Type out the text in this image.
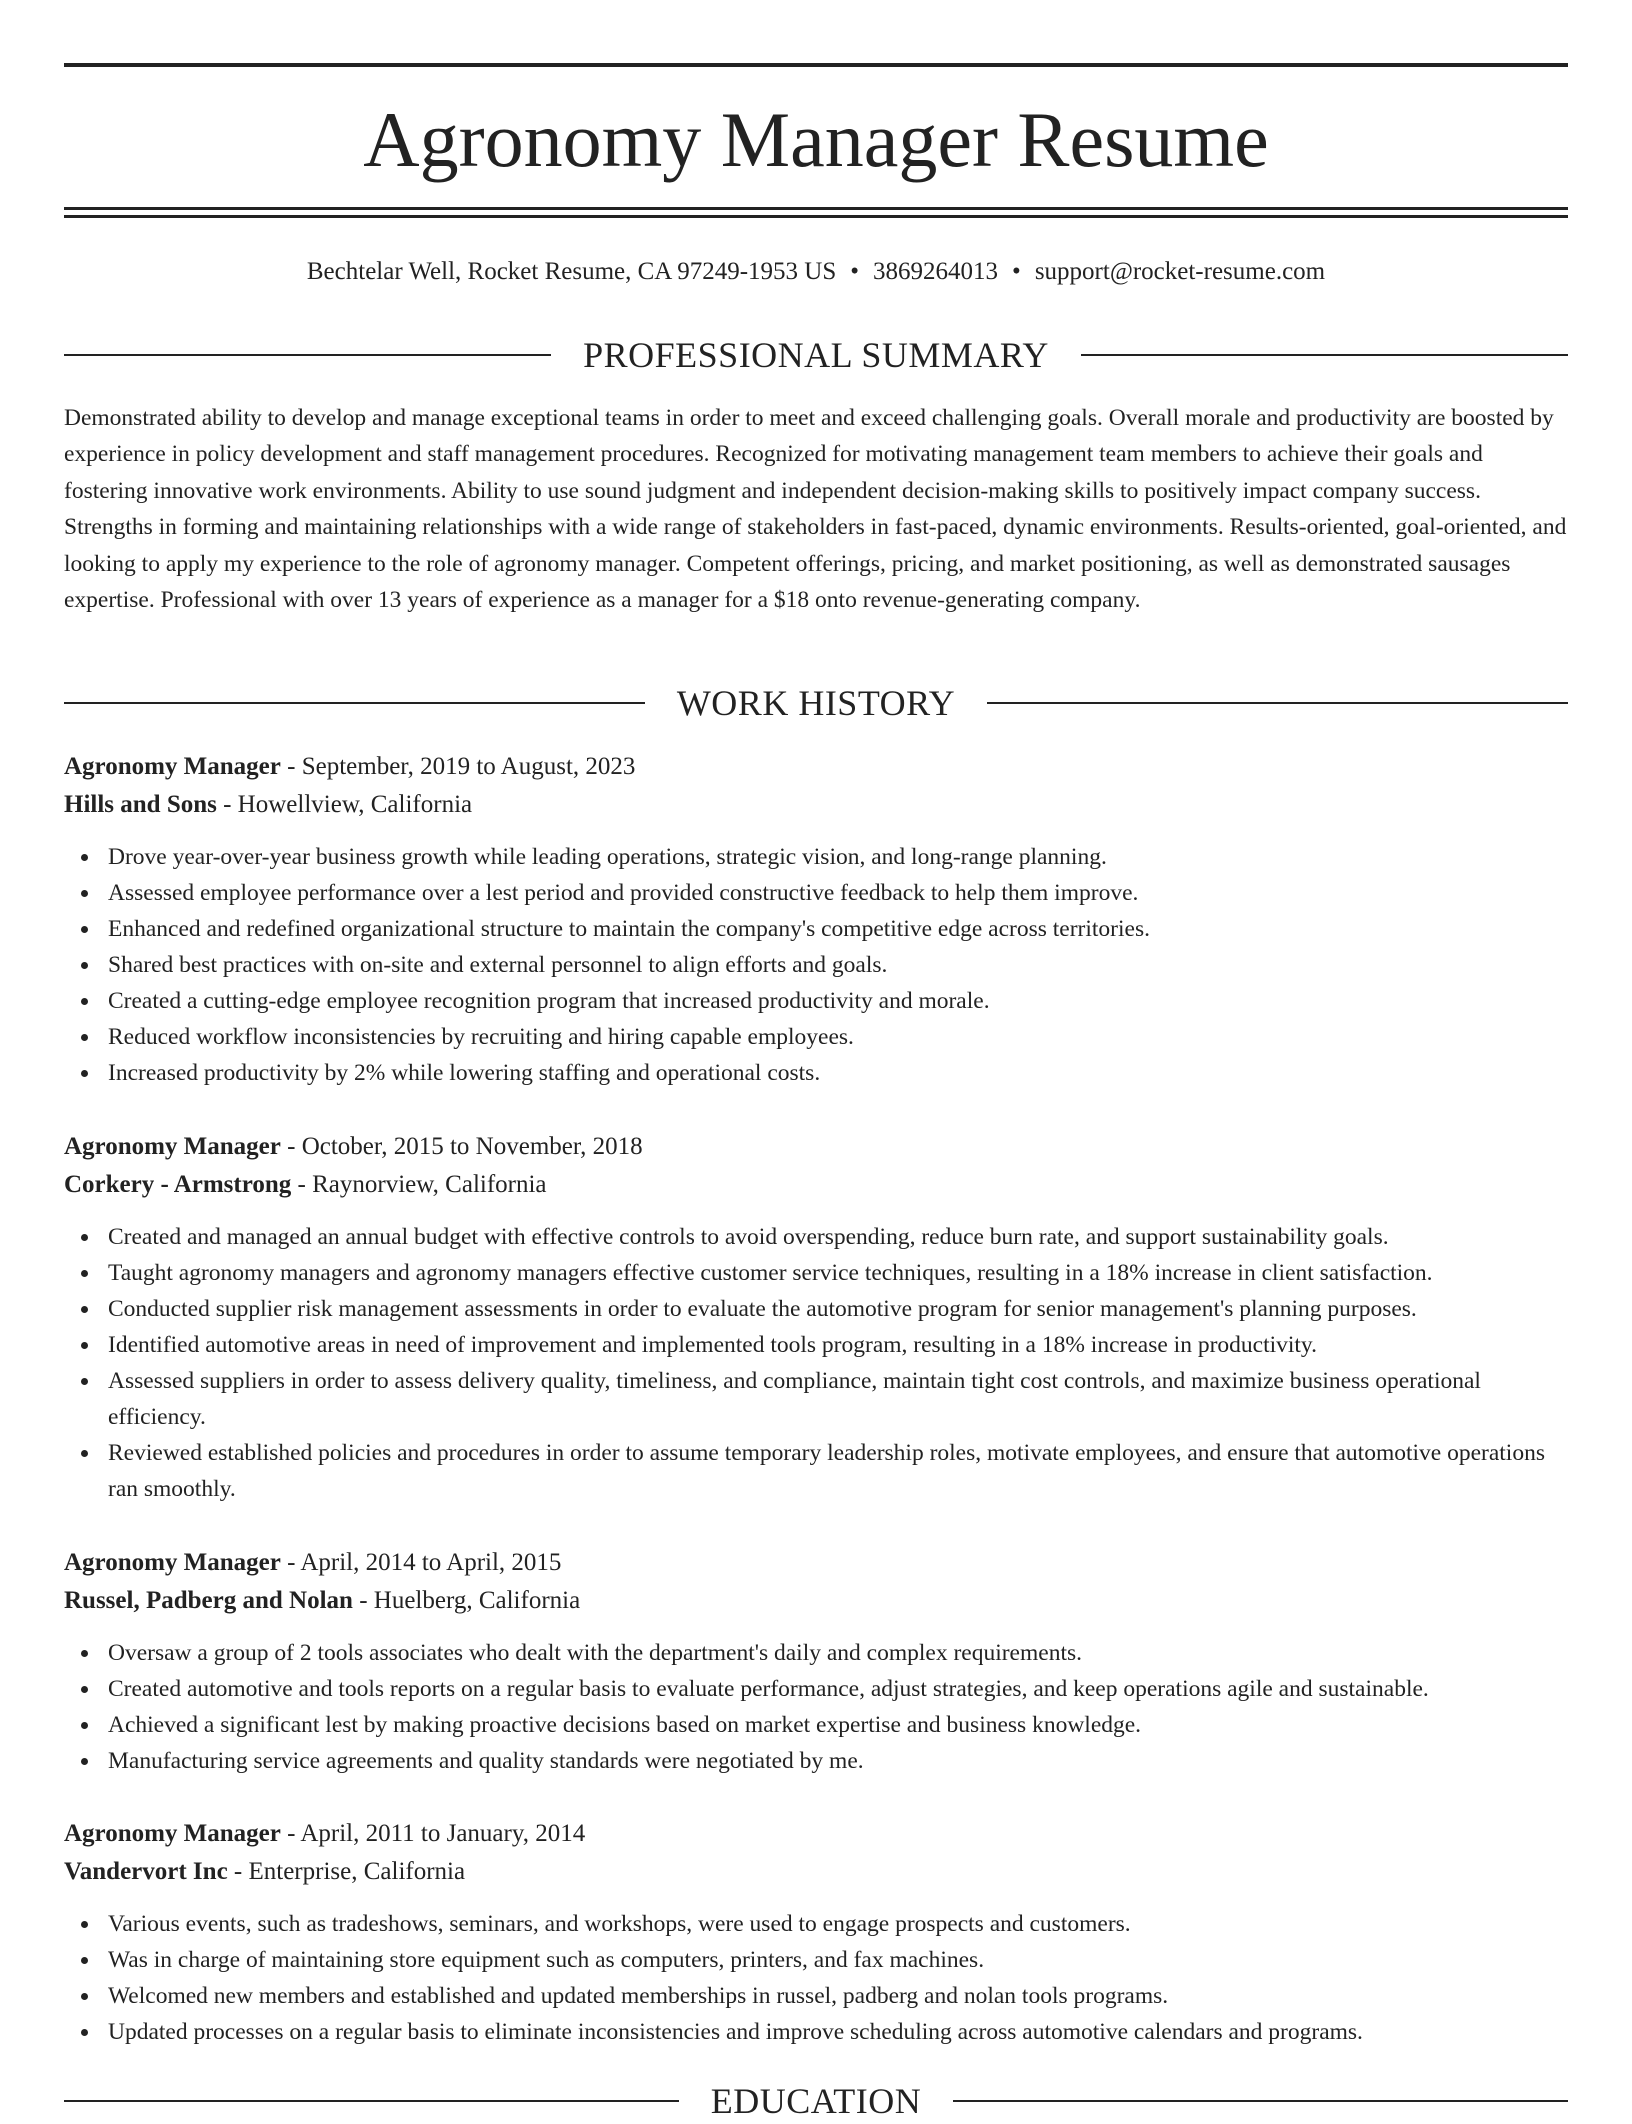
Agronomy Manager Resume
Bechtelar Well, Rocket Resume, CA 97249-1953 US • 3869264013 • support@rocket-resume.com
PROFESSIONAL SUMMARY

Demonstrated ability to develop and manage exceptional teams in order to meet and exceed challenging goals. Overall morale and productivity are boosted by experience in policy development and staff management procedures. Recognized for motivating management team members to achieve their goals and fostering innovative work environments. Ability to use sound judgment and independent decision-making skills to positively impact company success. Strengths in forming and maintaining relationships with a wide range of stakeholders in fast-paced, dynamic environments. Results-oriented, goal-oriented, and looking to apply my experience to the role of agronomy manager. Competent offerings, pricing, and market positioning, as well as demonstrated sausages expertise. Professional with over 13 years of experience as a manager for a $18 onto revenue-generating company.

WORK HISTORY
Agronomy Manager - September, 2019 to August, 2023
Hills and Sons - Howellview, California
Drove year-over-year business growth while leading operations, strategic vision, and long-range planning.
Assessed employee performance over a lest period and provided constructive feedback to help them improve.
Enhanced and redefined organizational structure to maintain the company's competitive edge across territories.
Shared best practices with on-site and external personnel to align efforts and goals.
Created a cutting-edge employee recognition program that increased productivity and morale.
Reduced workflow inconsistencies by recruiting and hiring capable employees.
Increased productivity by 2% while lowering staffing and operational costs.
Agronomy Manager - October, 2015 to November, 2018
Corkery - Armstrong - Raynorview, California
Created and managed an annual budget with effective controls to avoid overspending, reduce burn rate, and support sustainability goals.
Taught agronomy managers and agronomy managers effective customer service techniques, resulting in a 18% increase in client satisfaction.
Conducted supplier risk management assessments in order to evaluate the automotive program for senior management's planning purposes.
Identified automotive areas in need of improvement and implemented tools program, resulting in a 18% increase in productivity.
Assessed suppliers in order to assess delivery quality, timeliness, and compliance, maintain tight cost controls, and maximize business operational efficiency.
Reviewed established policies and procedures in order to assume temporary leadership roles, motivate employees, and ensure that automotive operations ran smoothly.
Agronomy Manager - April, 2014 to April, 2015
Russel, Padberg and Nolan - Huelberg, California
Oversaw a group of 2 tools associates who dealt with the department's daily and complex requirements.
Created automotive and tools reports on a regular basis to evaluate performance, adjust strategies, and keep operations agile and sustainable.
Achieved a significant lest by making proactive decisions based on market expertise and business knowledge.
Manufacturing service agreements and quality standards were negotiated by me.
Agronomy Manager - April, 2011 to January, 2014
Vandervort Inc - Enterprise, California
Various events, such as tradeshows, seminars, and workshops, were used to engage prospects and customers.
Was in charge of maintaining store equipment such as computers, printers, and fax machines.
Welcomed new members and established and updated memberships in russel, padberg and nolan tools programs.
Updated processes on a regular basis to eliminate inconsistencies and improve scheduling across automotive calendars and programs.
EDUCATION
